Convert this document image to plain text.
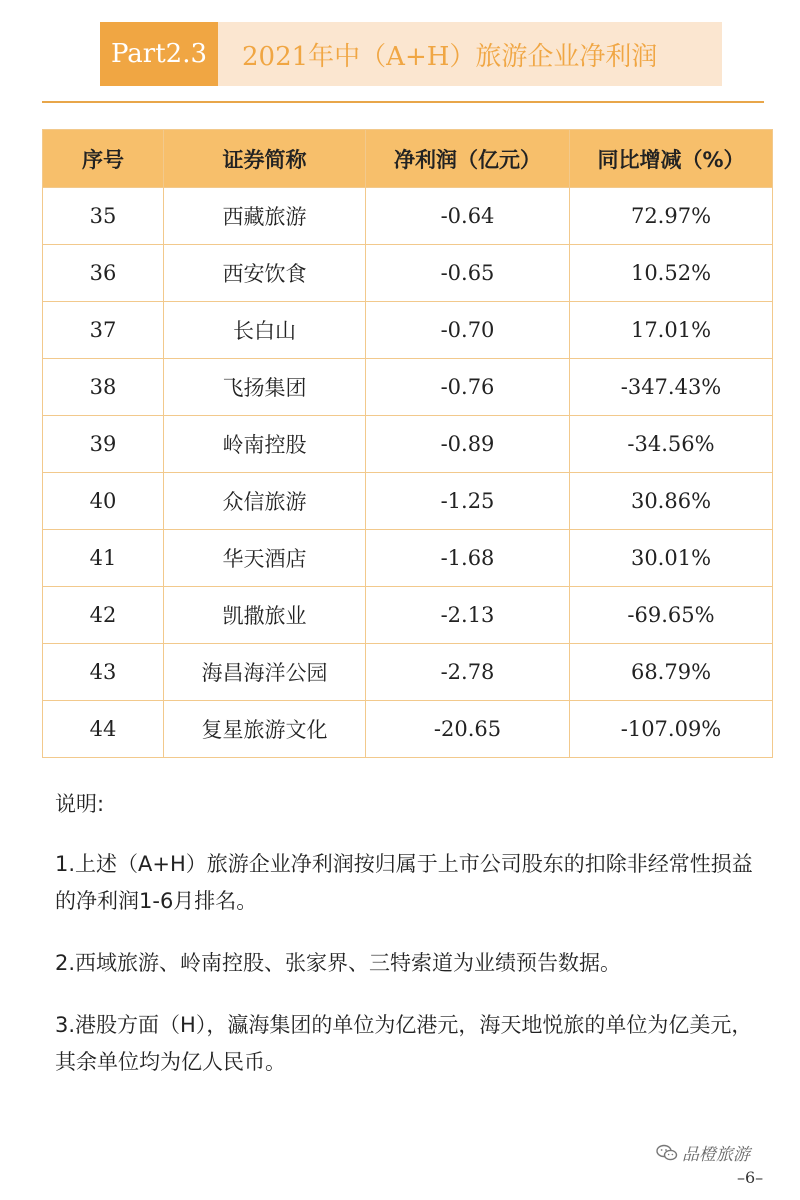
Part2.3	2021年中（A+H）旅游企业净利润
序号	证券简称	净利润（亿元）	同比增减（%）
35	西藏旅游	-0.64	72.97%
36	西安饮食	-0.65	10.52%
37	长白山	-0.70	17.01%
38	飞扬集团	-0.76	-347.43%
39	岭南控股	-0.89	-34.56%
40	众信旅游	-1.25	30.86%
41	华天酒店	-1.68	30.01%
42	凯撒旅业	-2.13	-69.65%
43	海昌海洋公园	-2.78	68.79%
44	复星旅游文化	-20.65	-107.09%

说明:

1.上述（A+H）旅游企业净利润按归属于上市公司股东的扣除非经常性损益的净利润1-6月排名。

2.西域旅游、岭南控股、张家界、三特索道为业绩预告数据。

3.港股方面（H），瀛海集团的单位为亿港元，海天地悦旅的单位为亿美元，其余单位均为亿人民币。

品橙旅游
–6–
